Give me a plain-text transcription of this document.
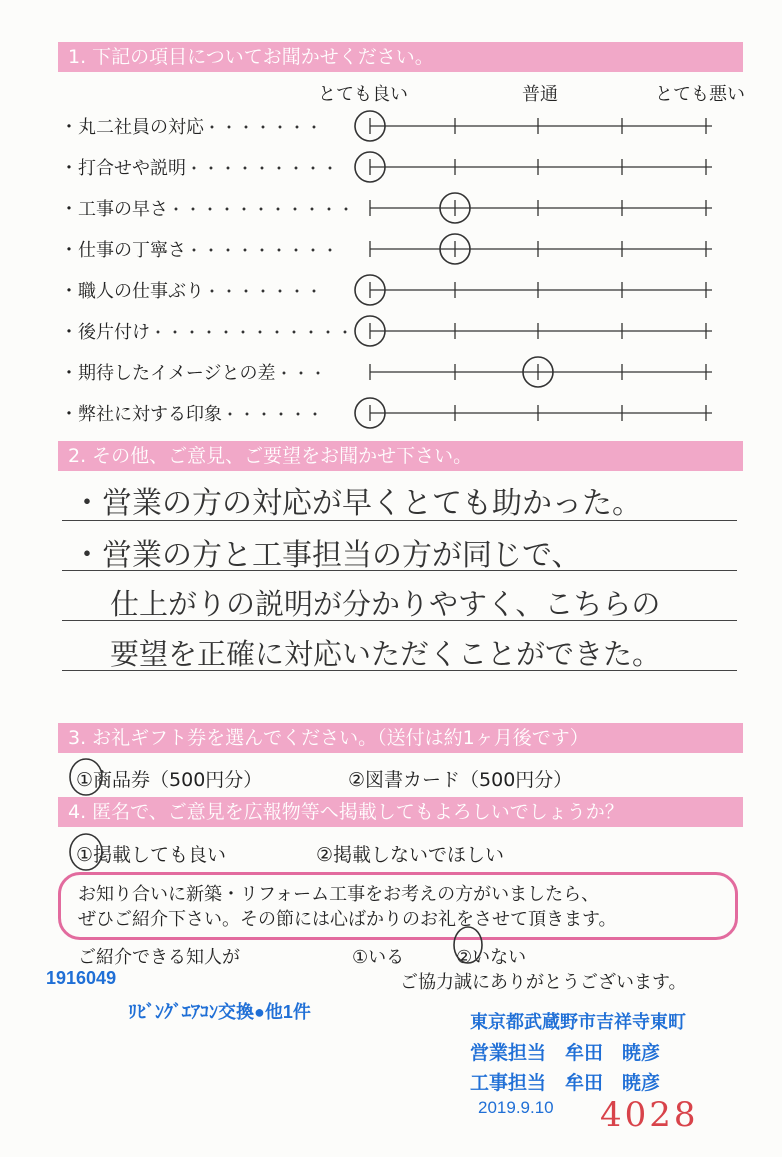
1. 下記の項目についてお聞かせください。
とても良い	普通	とても悪い
・丸二社員の対応 ・・・・・・・
・打合せや説明 ・・・・・・・・・
・工事の早さ ・・・・・・・・・・・
・仕事の丁寧さ ・・・・・・・・・
・職人の仕事ぶり ・・・・・・・
・後片付け ・・・・・・・・・・・・
・期待したイメージとの差 ・・・
・弊社に対する印象 ・・・・・・
2. その他、ご意見、ご要望をお聞かせ下さい。
・営業の方の対応が早くとても助かった。
・営業の方と工事担当の方が同じで、
仕上がりの説明が分かりやすく、こちらの
要望を正確に対応いただくことができた。
3. お礼ギフト券を選んでください。（送付は約1ヶ月後です）
①商品券（500円分）	②図書カード（500円分）
4. 匿名で、ご意見を広報物等へ掲載してもよろしいでしょうか？
①掲載しても良い	②掲載しないでほしい
お知り合いに新築・リフォーム工事をお考えの方がいましたら、
ぜひご紹介下さい。その節には心ばかりのお礼をさせて頂きます。
ご紹介できる知人が	①いる	②いない
ご協力誠にありがとうございます。
1916049
ﾘﾋﾞﾝｸﾞｴｱｺﾝ交換●他1件	東京都武蔵野市吉祥寺東町
営業担当　牟田　暁彦
工事担当　牟田　暁彦
2019.9.10 4028
